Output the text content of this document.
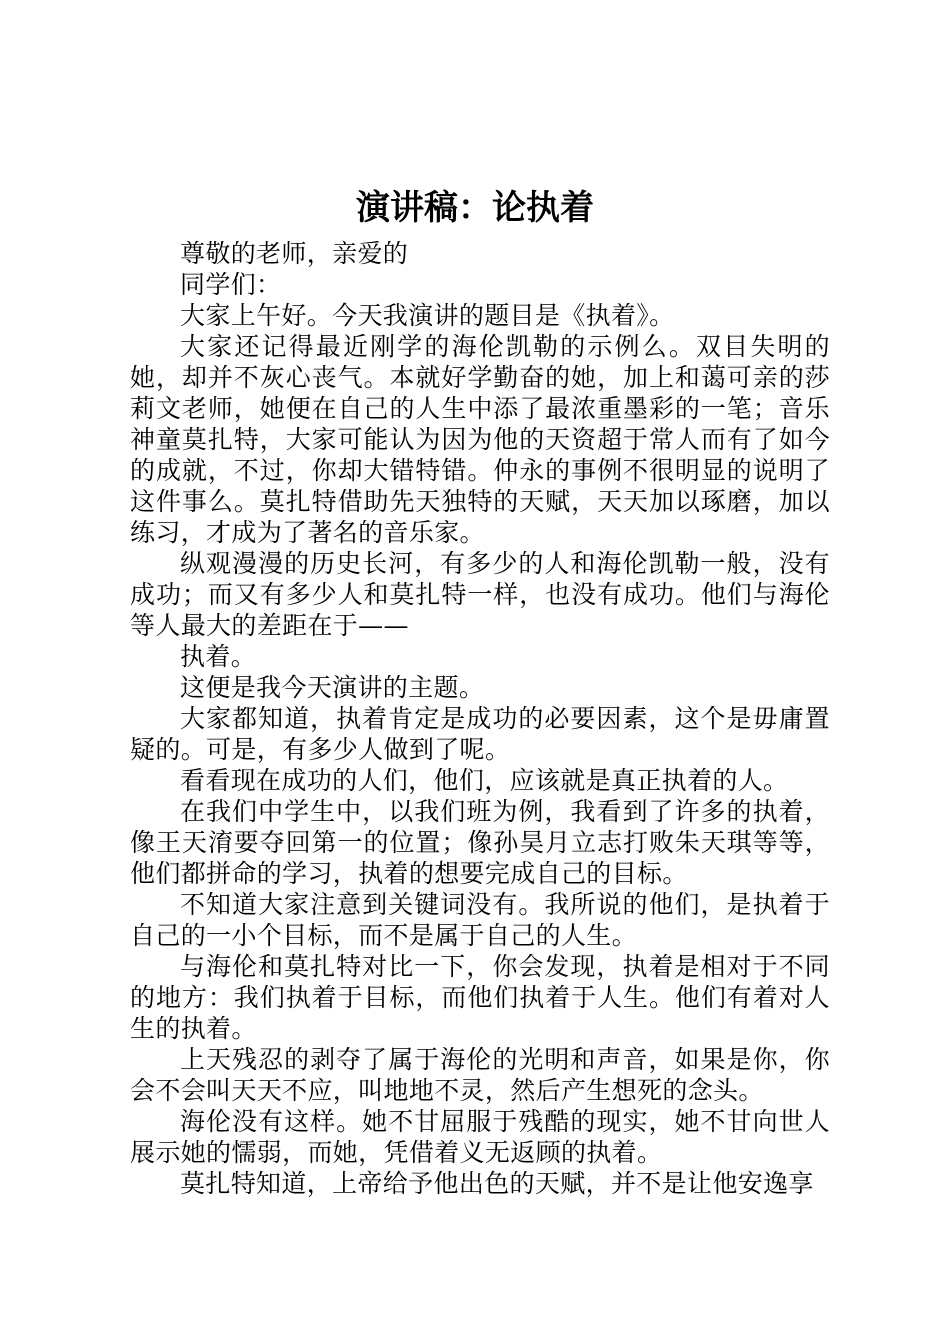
演讲稿：论执着

尊敬的老师，亲爱的

同学们：

大家上午好。今天我演讲的题目是《执着》。

大家还记得最近刚学的海伦凯勒的示例么。双目失明的她，却并不灰心丧气。本就好学勤奋的她，加上和蔼可亲的莎莉文老师，她便在自己的人生中添了最浓重墨彩的一笔；音乐神童莫扎特，大家可能认为因为他的天资超于常人而有了如今的成就，不过，你却大错特错。仲永的事例不很明显的说明了这件事么。莫扎特借助先天独特的天赋，天天加以琢磨，加以练习，才成为了著名的音乐家。

纵观漫漫的历史长河，有多少的人和海伦凯勒一般，没有成功；而又有多少人和莫扎特一样，也没有成功。他们与海伦等人最大的差距在于——

执着。

这便是我今天演讲的主题。

大家都知道，执着肯定是成功的必要因素，这个是毋庸置疑的。可是，有多少人做到了呢。

看看现在成功的人们，他们，应该就是真正执着的人。

在我们中学生中，以我们班为例，我看到了许多的执着，像王天淯要夺回第一的位置；像孙昊月立志打败朱天琪等等，他们都拼命的学习，执着的想要完成自己的目标。

不知道大家注意到关键词没有。我所说的他们，是执着于自己的一小个目标，而不是属于自己的人生。

与海伦和莫扎特对比一下，你会发现，执着是相对于不同的地方：我们执着于目标，而他们执着于人生。他们有着对人生的执着。

上天残忍的剥夺了属于海伦的光明和声音，如果是你，你会不会叫天天不应，叫地地不灵，然后产生想死的念头。

海伦没有这样。她不甘屈服于残酷的现实，她不甘向世人展示她的懦弱，而她，凭借着义无返顾的执着。

莫扎特知道，上帝给予他出色的天赋，并不是让他安逸享
